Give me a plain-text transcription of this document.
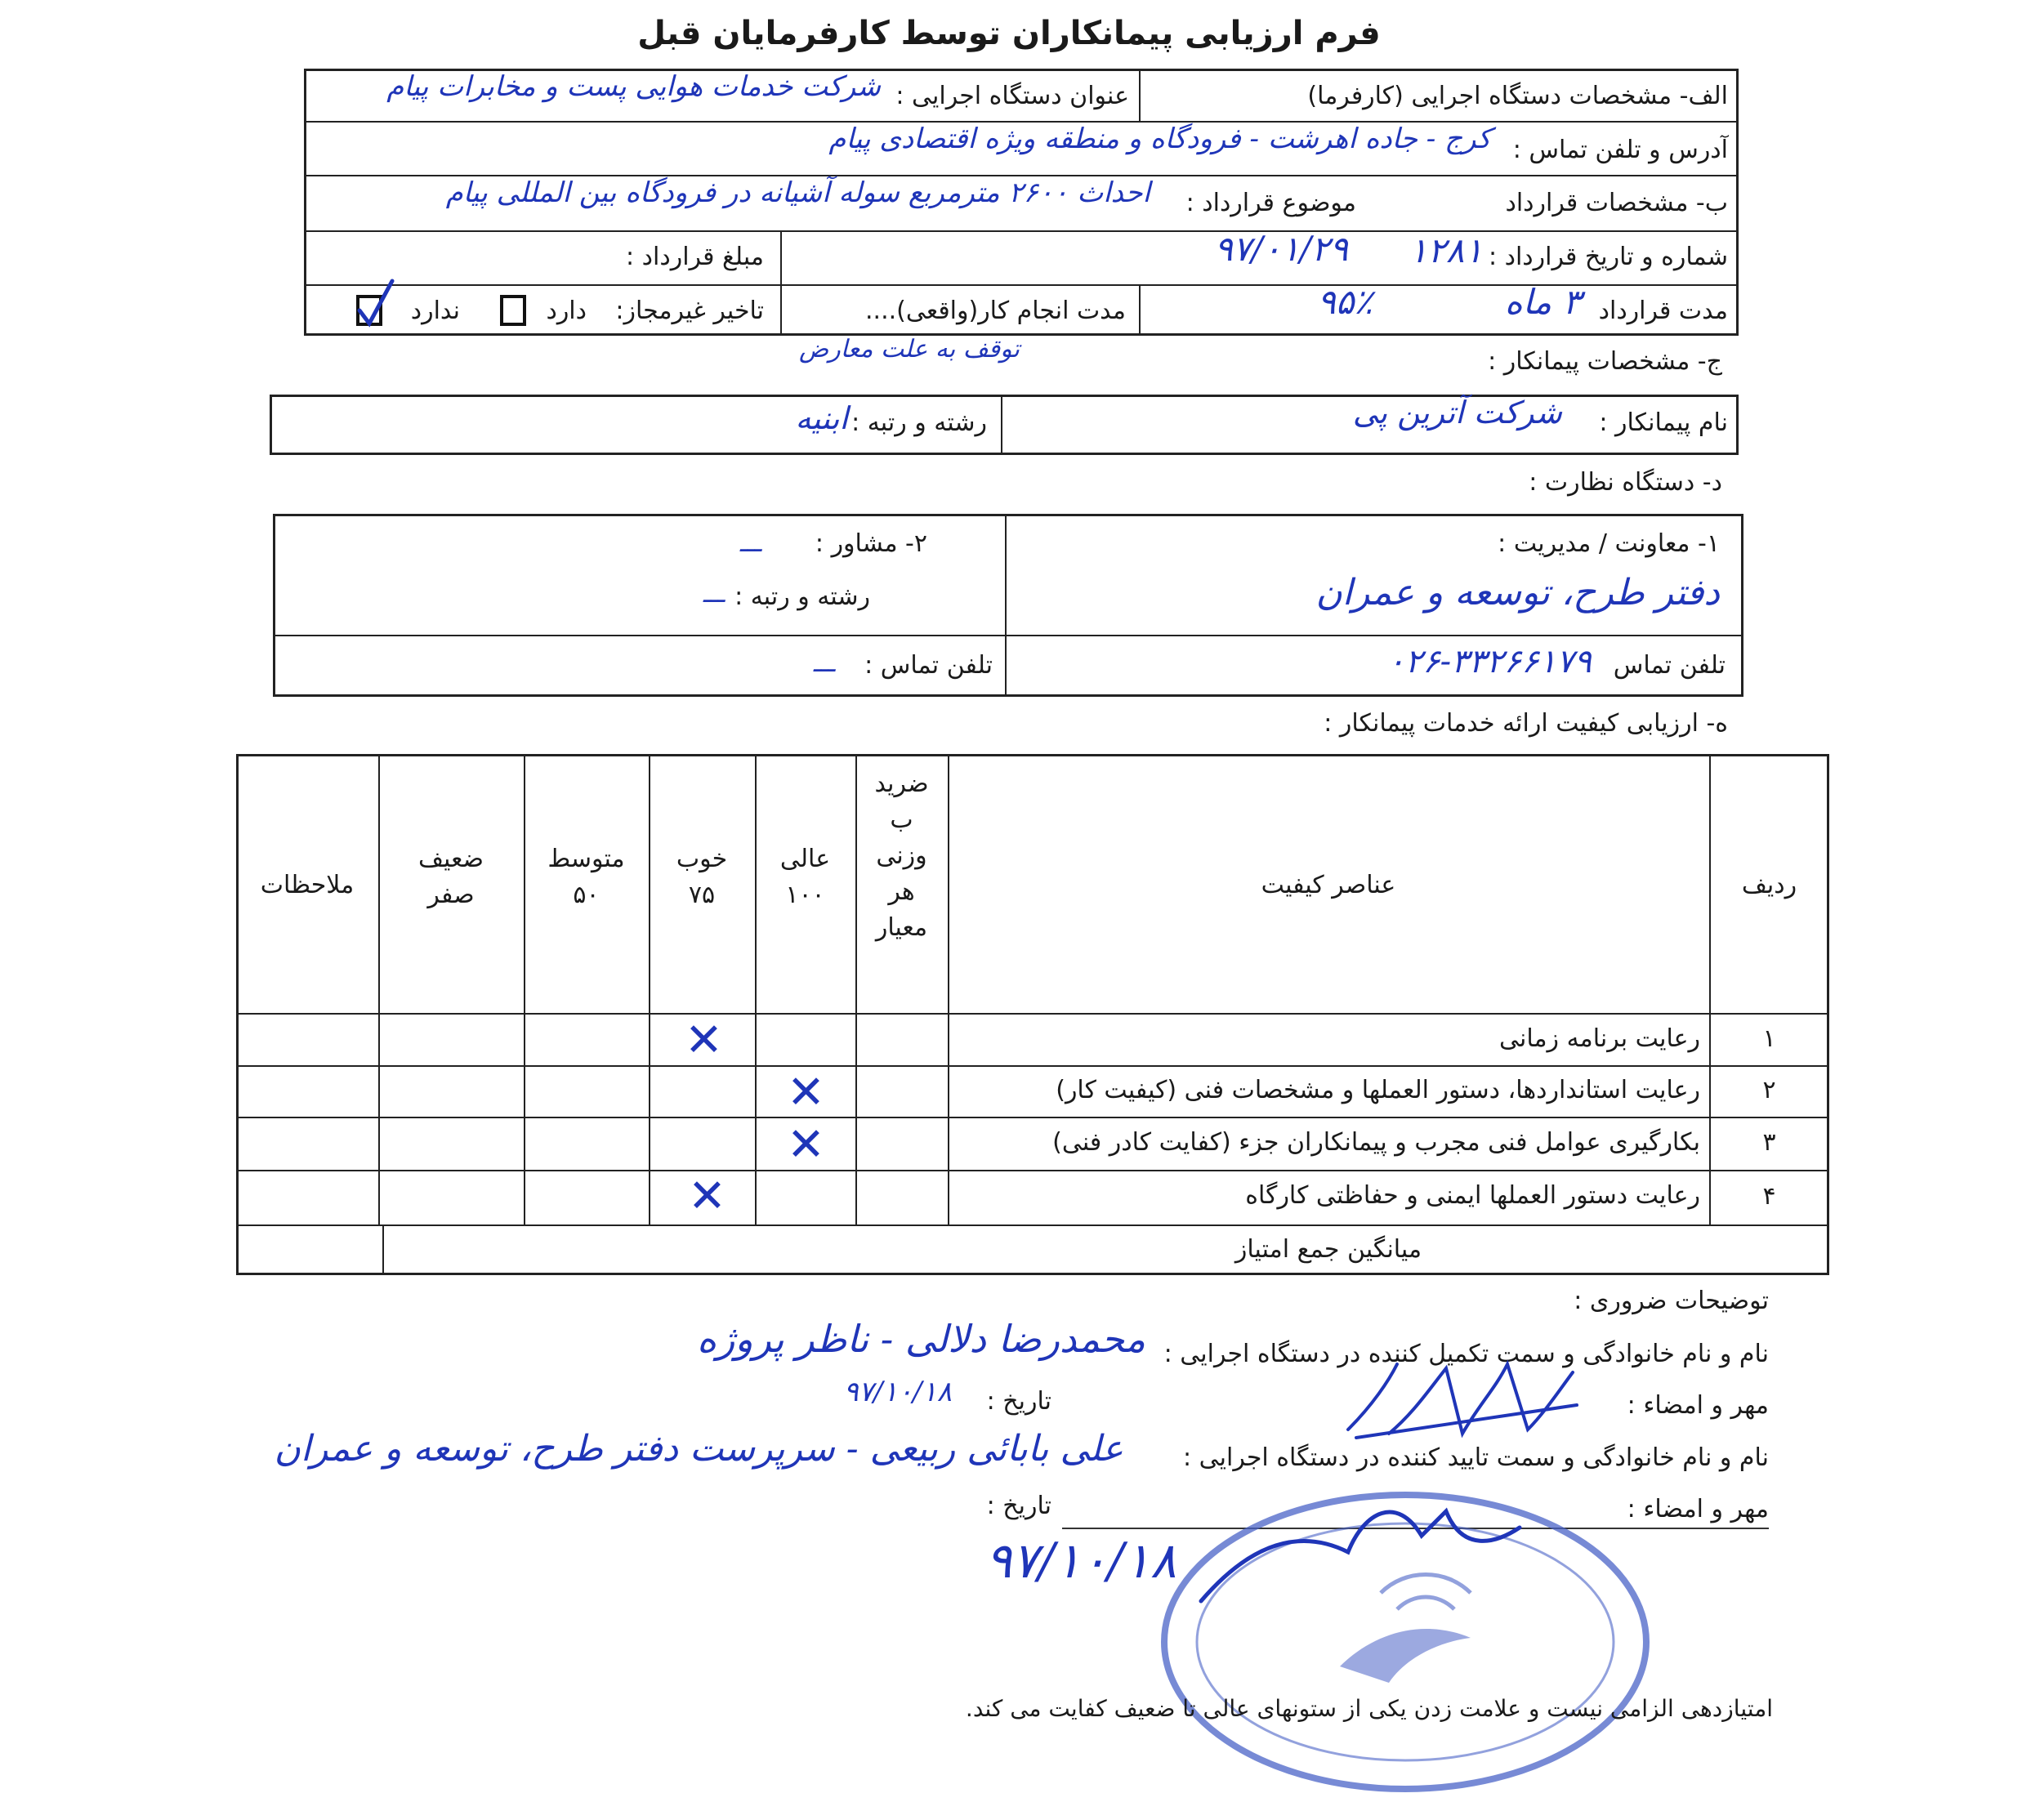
فرم ارزیابی پیمانکاران توسط کارفرمایان قبل
الف- مشخصات دستگاه اجرایی (کارفرما)
عنوان دستگاه اجرایی :
شرکت خدمات هوایی پست و مخابرات پیام
آدرس و تلفن تماس :
کرج - جاده اهرشت - فرودگاه و منطقه ویژه اقتصادی پیام
ب- مشخصات قرارداد
موضوع قرارداد :
احداث ۲۶۰۰ مترمربع سوله آشیانه در فرودگاه بین المللی پیام
شماره و تاریخ قرارداد :
۱۲۸۱
۹۷/۰۱/۲۹
مبلغ قرارداد :
مدت قرارداد
۳ ماه
۹۵٪
مدت انجام کار(واقعی)....
تاخیر غیرمجاز:
دارد
ندارد
توقف به علت معارض	ج- مشخصات پیمانکار :
نام پیمانکار :
شرکت آترین پی
رشته و رتبه :
ابنیه
د- دستگاه نظارت :
۱- معاونت / مدیریت :
دفتر طرح، توسعه و عمران
۲- مشاور :
ـــ
رشته و رتبه :
ـــ
تلفن تماس
۰۲۶-۳۳۲۶۶۱۷۹
تلفن تماس :
ـــ
ه- ارزیابی کیفیت ارائه خدمات پیمانکار :
ردیف
عناصر کیفیت
ضرید
ب
وزنی
هر
معیار
عالی
۱۰۰
خوب
۷۵
متوسط
۵۰
ضعیف
صفر
ملاحظات
۱
رعایت برنامه زمانی
۲
رعایت استانداردها، دستور العملها و مشخصات فنی (کیفیت کار)
۳
بکارگیری عوامل فنی مجرب و پیمانکاران جزء (کفایت کادر فنی)
۴
رعایت دستور العملها ایمنی و حفاظتی کارگاه
میانگین جمع امتیاز
✕
✕
✕
✕
توضیحات ضروری :
نام و نام خانوادگی و سمت تکمیل کننده در دستگاه اجرایی :
محمدرضا دلالی - ناظر پروژه
مهر و امضاء :
تاریخ :
۹۷/۱۰/۱۸
نام و نام خانوادگی و سمت تایید کننده در دستگاه اجرایی :
علی بابائی ربیعی - سرپرست دفتر طرح، توسعه و عمران
مهر و امضاء :
تاریخ :
۹۷/۱۰/۱۸
امتیازدهی الزامی نیست و علامت زدن یکی از ستونهای عالی تا ضعیف کفایت می کند.
